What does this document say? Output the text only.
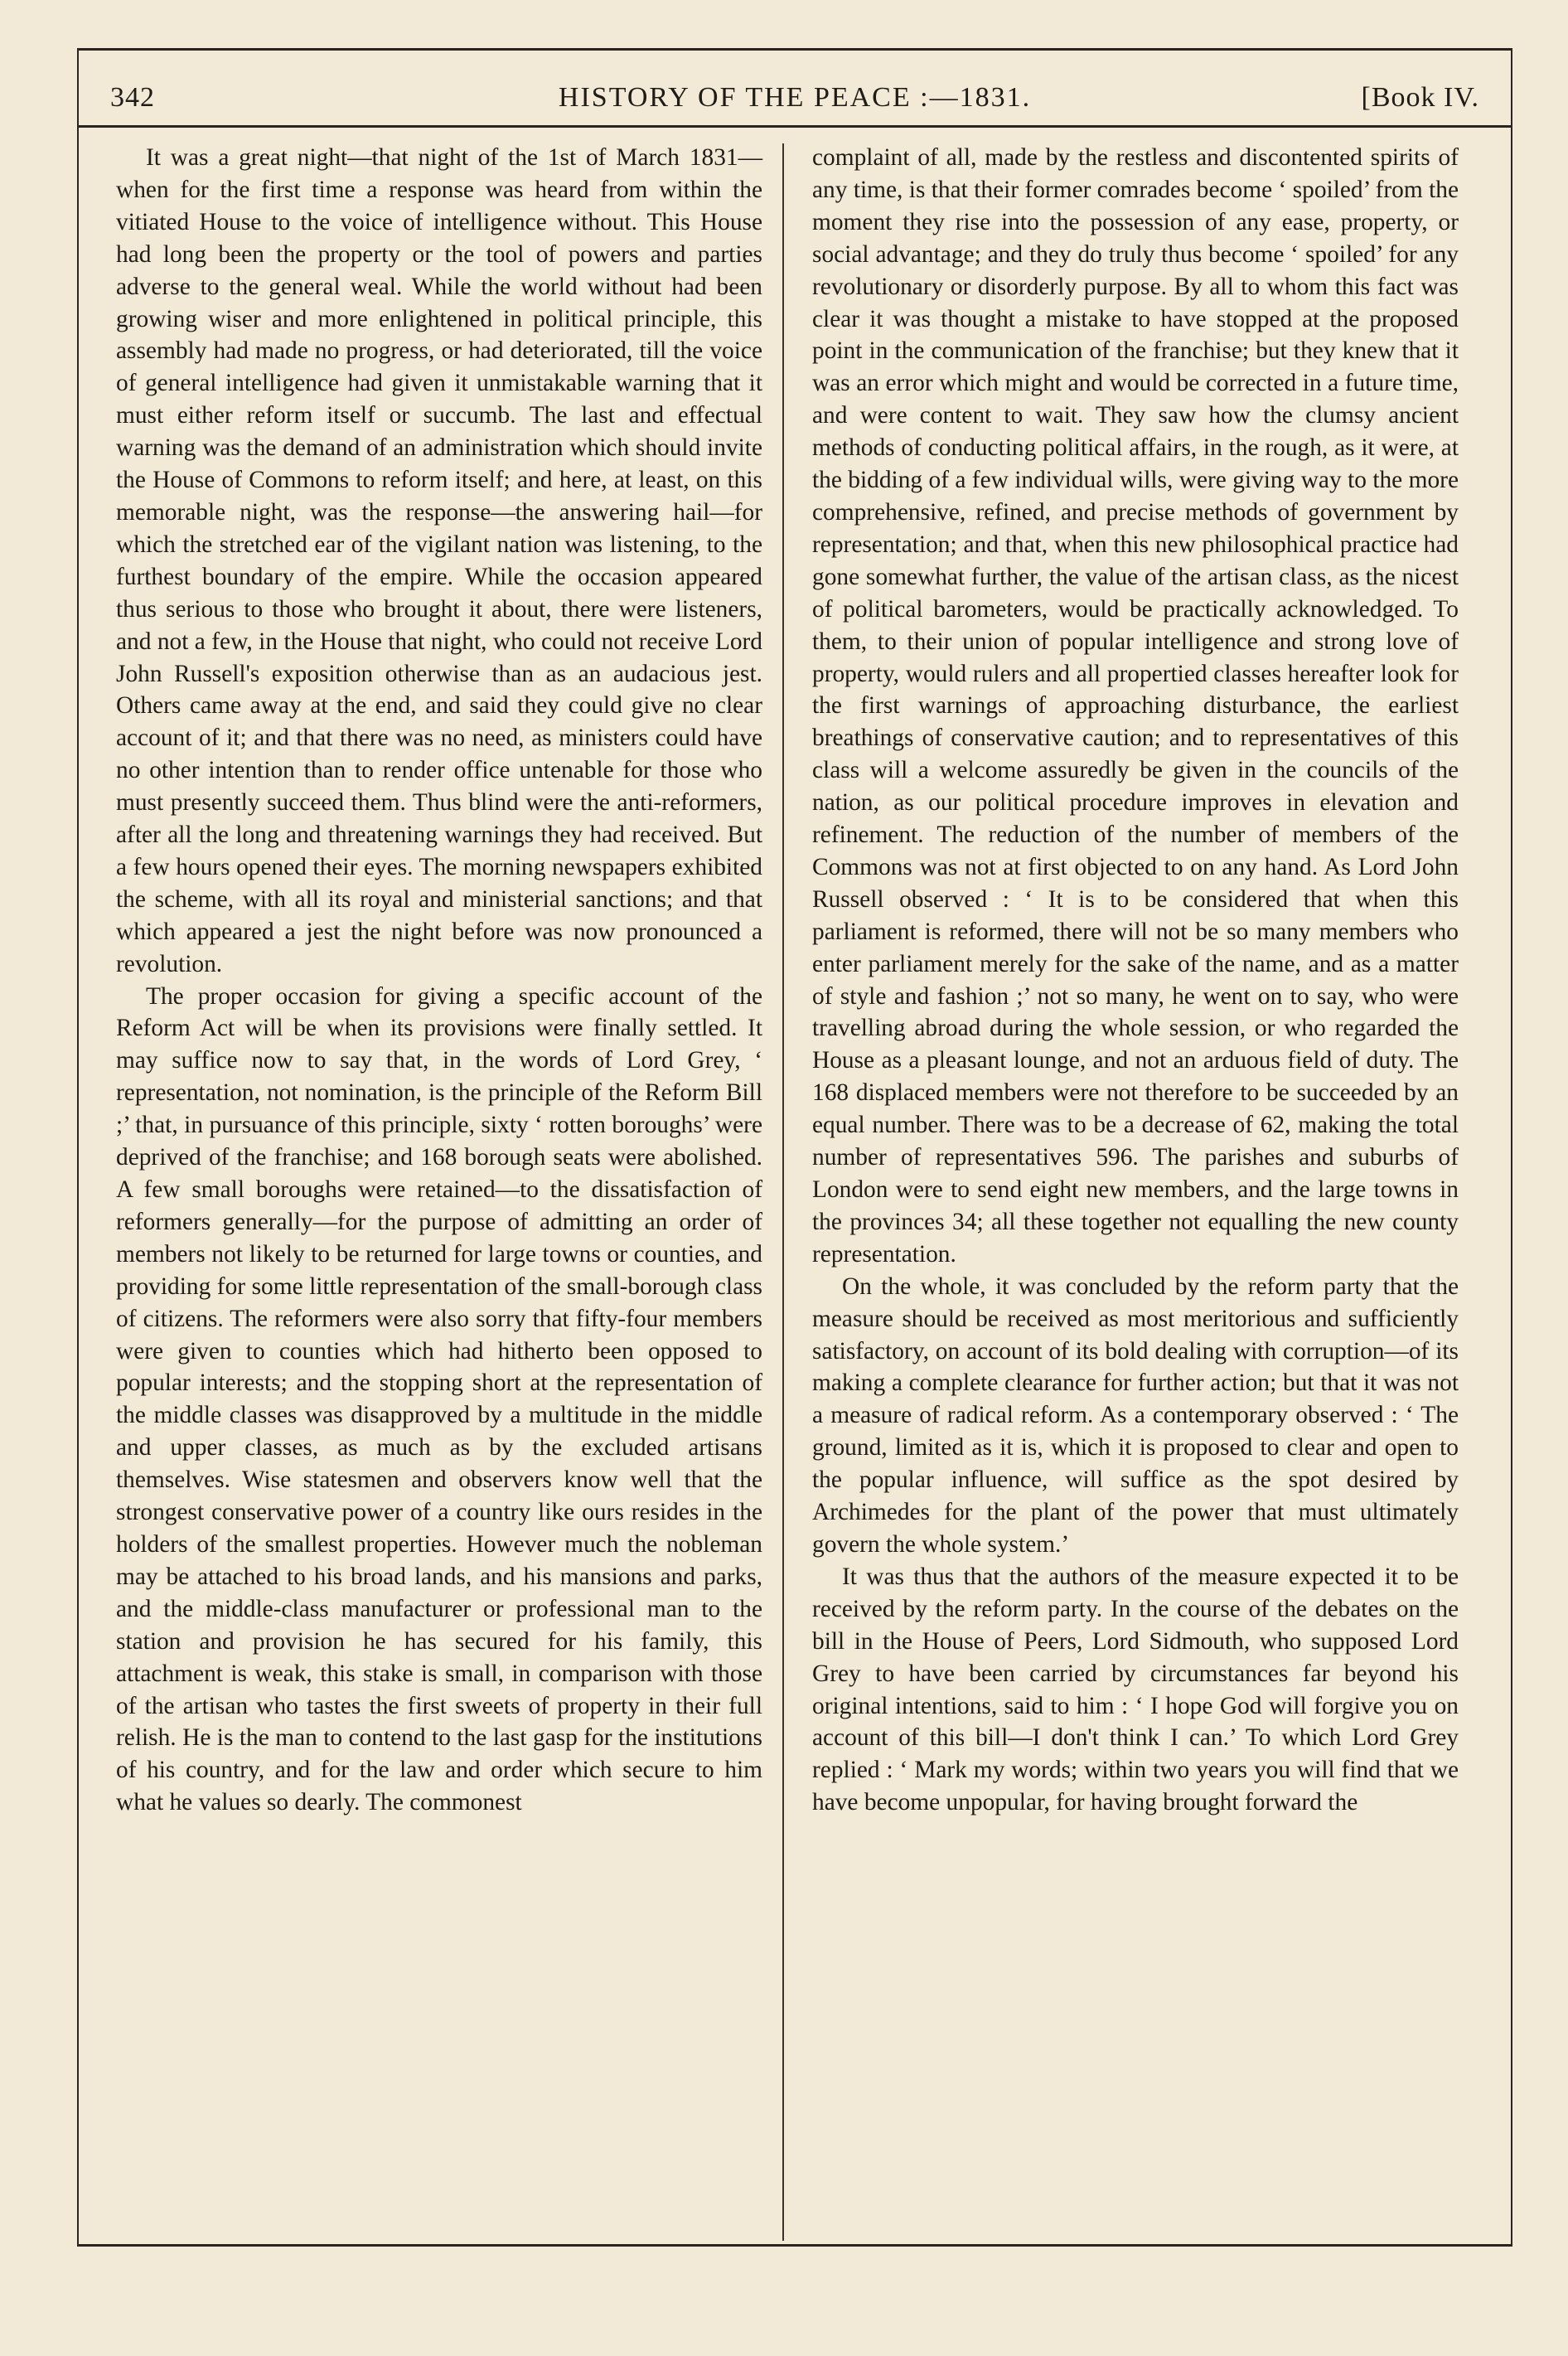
342	HISTORY OF THE PEACE :—1831.	[Book IV.

It was a great night—that night of the 1st of March 1831—when for the first time a response was heard from within the vitiated House to the voice of intelligence without. This House had long been the property or the tool of powers and parties adverse to the general weal. While the world without had been growing wiser and more enlightened in political principle, this assembly had made no progress, or had deteriorated, till the voice of general intelligence had given it unmistakable warning that it must either reform itself or succumb. The last and effectual warning was the demand of an administration which should invite the House of Commons to reform itself; and here, at least, on this memorable night, was the response—the answering hail—for which the stretched ear of the vigilant nation was listening, to the furthest boundary of the empire. While the occasion appeared thus serious to those who brought it about, there were listeners, and not a few, in the House that night, who could not receive Lord John Russell's exposition otherwise than as an audacious jest. Others came away at the end, and said they could give no clear account of it; and that there was no need, as ministers could have no other intention than to render office untenable for those who must presently succeed them. Thus blind were the anti-reformers, after all the long and threatening warnings they had received. But a few hours opened their eyes. The morning newspapers exhibited the scheme, with all its royal and ministerial sanctions; and that which appeared a jest the night before was now pronounced a revolution.

The proper occasion for giving a specific account of the Reform Act will be when its provisions were finally settled. It may suffice now to say that, in the words of Lord Grey, ‘ representation, not nomination, is the principle of the Reform Bill ;’ that, in pursuance of this principle, sixty ‘ rotten boroughs’ were deprived of the franchise; and 168 borough seats were abolished. A few small boroughs were retained—to the dissatisfaction of reformers generally—for the purpose of admitting an order of members not likely to be returned for large towns or counties, and providing for some little representation of the small-borough class of citizens. The reformers were also sorry that fifty-four members were given to counties which had hitherto been opposed to popular interests; and the stopping short at the representation of the middle classes was disapproved by a multitude in the middle and upper classes, as much as by the excluded artisans themselves. Wise statesmen and observers know well that the strongest conservative power of a country like ours resides in the holders of the smallest properties. However much the nobleman may be attached to his broad lands, and his mansions and parks, and the middle-class manufacturer or professional man to the station and provision he has secured for his family, this attachment is weak, this stake is small, in comparison with those of the artisan who tastes the first sweets of property in their full relish. He is the man to contend to the last gasp for the institutions of his country, and for the law and order which secure to him what he values so dearly. The commonest

complaint of all, made by the restless and discontented spirits of any time, is that their former comrades become ‘ spoiled’ from the moment they rise into the possession of any ease, property, or social advantage; and they do truly thus become ‘ spoiled’ for any revolutionary or disorderly purpose. By all to whom this fact was clear it was thought a mistake to have stopped at the proposed point in the communication of the franchise; but they knew that it was an error which might and would be corrected in a future time, and were content to wait. They saw how the clumsy ancient methods of conducting political affairs, in the rough, as it were, at the bidding of a few individual wills, were giving way to the more comprehensive, refined, and precise methods of government by representation; and that, when this new philosophical practice had gone somewhat further, the value of the artisan class, as the nicest of political barometers, would be practically acknowledged. To them, to their union of popular intelligence and strong love of property, would rulers and all propertied classes hereafter look for the first warnings of approaching disturbance, the earliest breathings of conservative caution; and to representatives of this class will a welcome assuredly be given in the councils of the nation, as our political procedure improves in elevation and refinement. The reduction of the number of members of the Commons was not at first objected to on any hand. As Lord John Russell observed : ‘ It is to be considered that when this parliament is reformed, there will not be so many members who enter parliament merely for the sake of the name, and as a matter of style and fashion ;’ not so many, he went on to say, who were travelling abroad during the whole session, or who regarded the House as a pleasant lounge, and not an arduous field of duty. The 168 displaced members were not therefore to be succeeded by an equal number. There was to be a decrease of 62, making the total number of representatives 596. The parishes and suburbs of London were to send eight new members, and the large towns in the provinces 34; all these together not equalling the new county representation.

On the whole, it was concluded by the reform party that the measure should be received as most meritorious and sufficiently satisfactory, on account of its bold dealing with corruption—of its making a complete clearance for further action; but that it was not a measure of radical reform. As a contemporary observed : ‘ The ground, limited as it is, which it is proposed to clear and open to the popular influence, will suffice as the spot desired by Archimedes for the plant of the power that must ultimately govern the whole system.’

It was thus that the authors of the measure expected it to be received by the reform party. In the course of the debates on the bill in the House of Peers, Lord Sidmouth, who supposed Lord Grey to have been carried by circumstances far beyond his original intentions, said to him : ‘ I hope God will forgive you on account of this bill—I don't think I can.’ To which Lord Grey replied : ‘ Mark my words; within two years you will find that we have become unpopular, for having brought forward the
